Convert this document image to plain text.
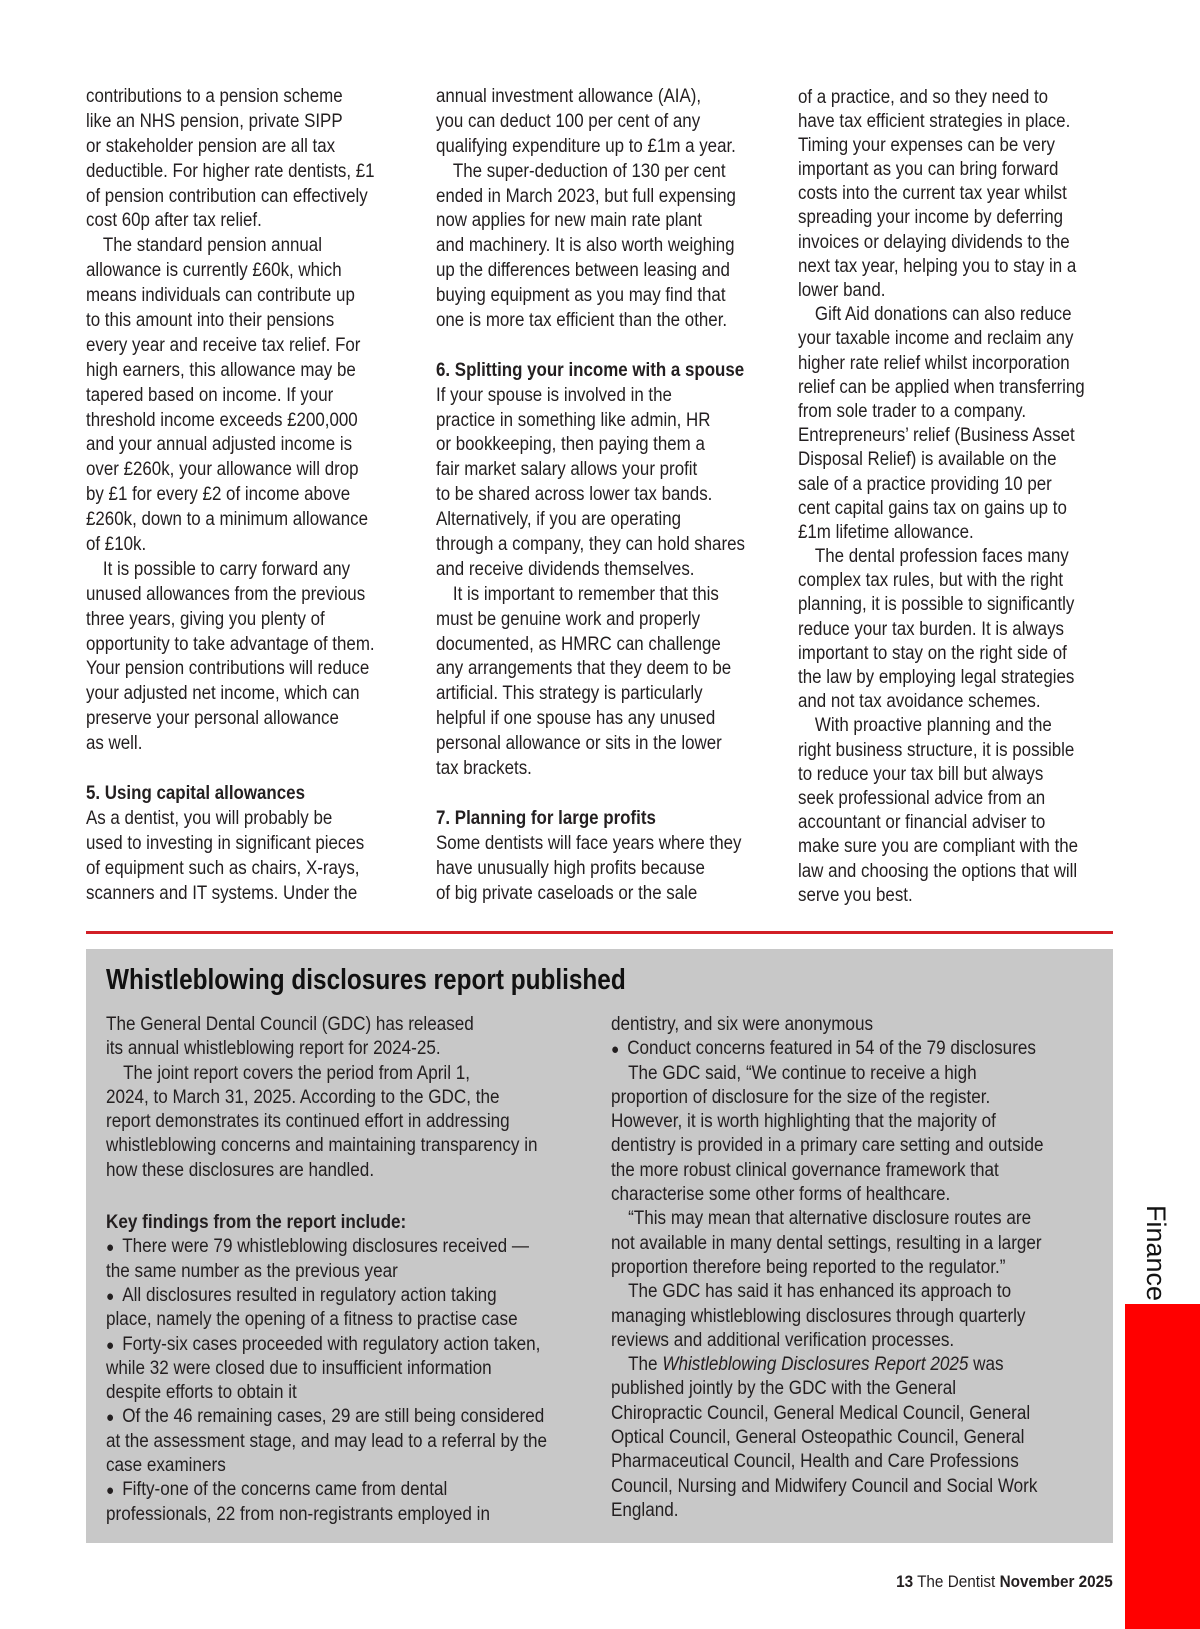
contributions to a pension scheme
like an NHS pension, private SIPP
or stakeholder pension are all tax
deductible. For higher rate dentists, £1
of pension contribution can effectively
cost 60p after tax relief.
The standard pension annual
allowance is currently £60k, which
means individuals can contribute up
to this amount into their pensions
every year and receive tax relief. For
high earners, this allowance may be
tapered based on income. If your
threshold income exceeds £200,000
and your annual adjusted income is
over £260k, your allowance will drop
by £1 for every £2 of income above
£260k, down to a minimum allowance
of £10k.
It is possible to carry forward any
unused allowances from the previous
three years, giving you plenty of
opportunity to take advantage of them.
Your pension contributions will reduce
your adjusted net income, which can
preserve your personal allowance
as well.
5. Using capital allowances
As a dentist, you will probably be
used to investing in significant pieces
of equipment such as chairs, X-rays,
scanners and IT systems. Under the
annual investment allowance (AIA),
you can deduct 100 per cent of any
qualifying expenditure up to £1m a year.
The super-deduction of 130 per cent
ended in March 2023, but full expensing
now applies for new main rate plant
and machinery. It is also worth weighing
up the differences between leasing and
buying equipment as you may find that
one is more tax efficient than the other.
6. Splitting your income with a spouse
If your spouse is involved in the
practice in something like admin, HR
or bookkeeping, then paying them a
fair market salary allows your profit
to be shared across lower tax bands.
Alternatively, if you are operating
through a company, they can hold shares
and receive dividends themselves.
It is important to remember that this
must be genuine work and properly
documented, as HMRC can challenge
any arrangements that they deem to be
artificial. This strategy is particularly
helpful if one spouse has any unused
personal allowance or sits in the lower
tax brackets.
7. Planning for large profits
Some dentists will face years where they
have unusually high profits because
of big private caseloads or the sale
of a practice, and so they need to
have tax efficient strategies in place.
Timing your expenses can be very
important as you can bring forward
costs into the current tax year whilst
spreading your income by deferring
invoices or delaying dividends to the
next tax year, helping you to stay in a
lower band.
Gift Aid donations can also reduce
your taxable income and reclaim any
higher rate relief whilst incorporation
relief can be applied when transferring
from sole trader to a company.
Entrepreneurs’ relief (Business Asset
Disposal Relief) is available on the
sale of a practice providing 10 per
cent capital gains tax on gains up to
£1m lifetime allowance.
The dental profession faces many
complex tax rules, but with the right
planning, it is possible to significantly
reduce your tax burden. It is always
important to stay on the right side of
the law by employing legal strategies
and not tax avoidance schemes.
With proactive planning and the
right business structure, it is possible
to reduce your tax bill but always
seek professional advice from an
accountant or financial adviser to
make sure you are compliant with the
law and choosing the options that will
serve you best.
Whistleblowing disclosures report published
The General Dental Council (GDC) has released
its annual whistleblowing report for 2024-25.
The joint report covers the period from April 1,
2024, to March 31, 2025. According to the GDC, the
report demonstrates its continued effort in addressing
whistleblowing concerns and maintaining transparency in
how these disclosures are handled.
Key findings from the report include:
● There were 79 whistleblowing disclosures received —
the same number as the previous year
● All disclosures resulted in regulatory action taking
place, namely the opening of a fitness to practise case
● Forty-six cases proceeded with regulatory action taken,
while 32 were closed due to insufficient information
despite efforts to obtain it
● Of the 46 remaining cases, 29 are still being considered
at the assessment stage, and may lead to a referral by the
case examiners
● Fifty-one of the concerns came from dental
professionals, 22 from non-registrants employed in
dentistry, and six were anonymous
● Conduct concerns featured in 54 of the 79 disclosures
The GDC said, “We continue to receive a high
proportion of disclosure for the size of the register.
However, it is worth highlighting that the majority of
dentistry is provided in a primary care setting and outside
the more robust clinical governance framework that
characterise some other forms of healthcare.
“This may mean that alternative disclosure routes are
not available in many dental settings, resulting in a larger
proportion therefore being reported to the regulator.”
The GDC has said it has enhanced its approach to
managing whistleblowing disclosures through quarterly
reviews and additional verification processes.
The Whistleblowing Disclosures Report 2025 was
published jointly by the GDC with the General
Chiropractic Council, General Medical Council, General
Optical Council, General Osteopathic Council, General
Pharmaceutical Council, Health and Care Professions
Council, Nursing and Midwifery Council and Social Work
England.
Finance
13 The Dentist November 2025
